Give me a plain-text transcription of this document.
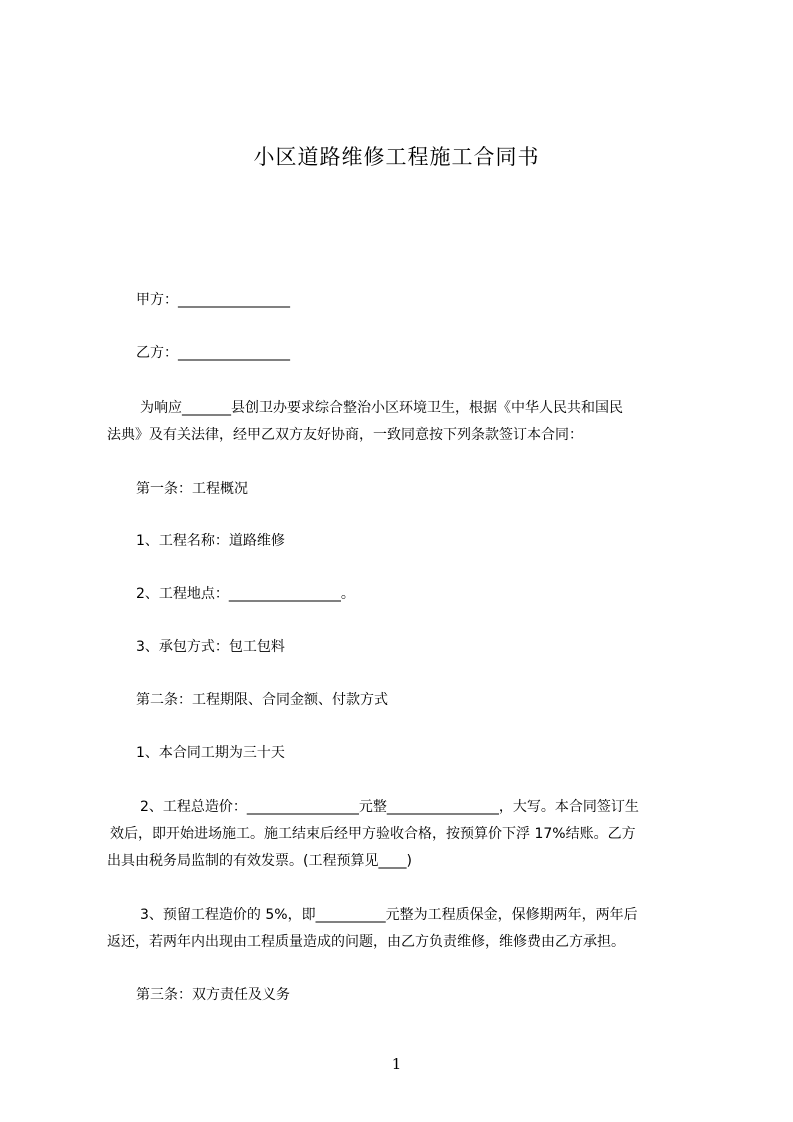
小区道路维修工程施工合同书
甲方：________________
乙方：________________
为响应_______县创卫办要求综合整治小区环境卫生，根据《中华人民共和国民
法典》及有关法律，经甲乙双方友好协商，一致同意按下列条款签订本合同：
第一条：工程概况
1、工程名称：道路维修
2、工程地点：________________。
3、承包方式：包工包料
第二条：工程期限、合同金额、付款方式
1、本合同工期为三十天
2、工程总造价：________________元整________________，大写。本合同签订生
效后，即开始进场施工。施工结束后经甲方验收合格，按预算价下浮 17%结账。乙方
出具由税务局监制的有效发票。(工程预算见____)
3、预留工程造价的 5%，即__________元整为工程质保金，保修期两年，两年后
返还，若两年内出现由工程质量造成的问题，由乙方负责维修，维修费由乙方承担。
第三条：双方责任及义务
1
